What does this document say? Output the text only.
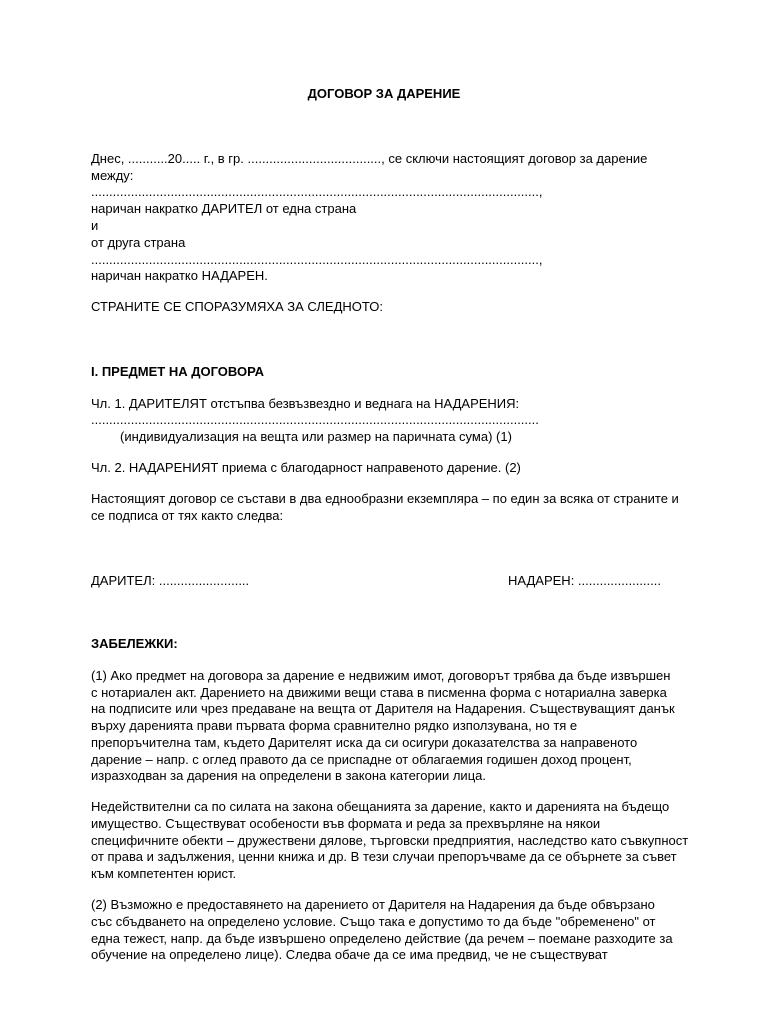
ДОГОВОР ЗА ДАРЕНИЕ
Днес, ...........20..... г., в гр. ....................................., се сключи настоящият договор за дарение
между:
............................................................................................................................,
наричан накратко ДАРИТЕЛ от една страна
и
от друга страна
............................................................................................................................,
наричан накратко НАДАРЕН.
СТРАНИТЕ СЕ СПОРАЗУМЯХА ЗА СЛЕДНОТО:
I. ПРЕДМЕТ НА ДОГОВОРА
Чл. 1. ДАРИТЕЛЯТ отстъпва безвъзвездно и веднага на НАДАРЕНИЯ:
............................................................................................................................
(индивидуализация на вещта или размер на паричната сума) (1)
Чл. 2. НАДАРЕНИЯТ приема с благодарност направеното дарение. (2)
Настоящият договор се състави в два еднообразни екземпляра – по един за всяка от страните и
се подписа от тях както следва:
ДАРИТЕЛ: .........................	НАДАРЕН: .......................
ЗАБЕЛЕЖКИ:
(1) Ако предмет на договора за дарение е недвижим имот, договорът трябва да бъде извършен
с нотариален акт. Дарението на движими вещи става в писменна форма с нотариална заверка
на подписите или чрез предаване на вещта от Дарителя на Надарения. Съществуващият данък
върху даренията прави първата форма сравнително рядко използувана, но тя е
препоръчителна там, където Дарителят иска да си осигури доказателства за направеното
дарение – напр. с оглед правото да се приспадне от облагаемия годишен доход процент,
изразходван за дарения на определени в закона категории лица.
Недействителни са по силата на закона обещанията за дарение, както и даренията на бъдещо
имущество. Съществуват особености във формата и реда за прехвърляне на някои
специфичните обекти – дружествени дялове, търговски предприятия, наследство като съвкупност
от права и задължения, ценни книжа и др. В тези случаи препоръчваме да се обърнете за съвет
към компетентен юрист.
(2) Възможно е предоставянето на дарението от Дарителя на Надарения да бъде обвързано
със сбъдването на определено условие. Също така е допустимо то да бъде "обременено" от
една тежест, напр. да бъде извършено определено действие (да речем – поемане разходите за
обучение на определено лице). Следва обаче да се има предвид, че не съществуват
